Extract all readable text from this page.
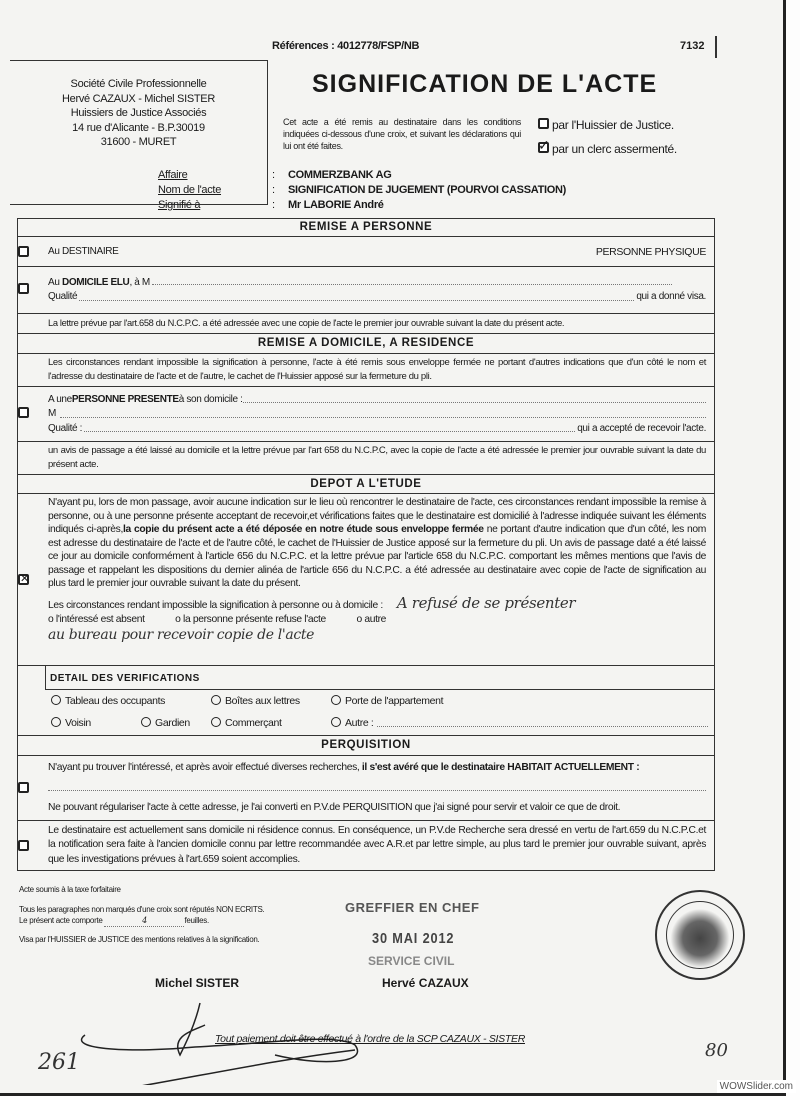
Références : 4012778/FSP/NB	7132
Société Civile Professionnelle
Hervé CAZAUX - Michel SISTER
Huissiers de Justice Associés
14 rue d'Alicante - B.P.30019
31600 - MURET
SIGNIFICATION DE L'ACTE
Cet acte a été remis au destinataire dans les conditions indiquées ci-dessous d'une croix, et suivant les déclarations qui lui ont été faites.
par l'Huissier de Justice.
✓ par un clerc assermenté.
Affaire	: COMMERZBANK AG
Nom de l'acte	: SIGNIFICATION DE JUGEMENT (POURVOI CASSATION)
Signifié à	: Mr LABORIE André
REMISE A PERSONNE
Au DESTINAIRE	PERSONNE PHYSIQUE
Au DOMICILE ELU, à M
Qualité	qui a donné visa.
La lettre prévue par l'art.658 du N.C.P.C. a été adressée avec une copie de l'acte le premier jour ouvrable suivant la date du présent acte.
REMISE A DOMICILE, A RESIDENCE
Les circonstances rendant impossible la signification à personne, l'acte à été remis sous enveloppe fermée ne portant d'autres indications que d'un côté le nom et l'adresse du destinataire de l'acte et de l'autre, le cachet de l'Huissier apposé sur la fermeture du pli.
A une PERSONNE PRESENTE à son domicile :
M
Qualité :	qui a accepté de recevoir l'acte.
un avis de passage a été laissé au domicile et la lettre prévue par l'art 658 du N.C.P.C, avec la copie de l'acte a été adressée le premier jour ouvrable suivant la date du présent acte.
DEPOT A L'ETUDE
✕
N'ayant pu, lors de mon passage, avoir aucune indication sur le lieu où rencontrer le destinataire de l'acte, ces circonstances rendant impossible la remise à personne, ou à une personne présente acceptant de recevoir,et vérifications faites que le destinataire est domicilié à l'adresse indiquée suivant les éléments indiqués ci-après,la copie du présent acte a été déposée en notre étude sous enveloppe fermée ne portant d'autre indication que d'un côté, les nom est adresse du destinataire de l'acte et de l'autre côté, le cachet de l'Huissier de Justice apposé sur la fermeture du pli. Un avis de passage daté a été laissé ce jour au domicile conformément à l'article 656 du N.C.P.C. et la lettre prévue par l'article 658 du N.C.P.C. comportant les mêmes mentions que l'avis de passage et rappelant les dispositions du dernier alinéa de l'article 656 du N.C.P.C. a été adressée au destinataire avec copie de l'acte de signification au plus tard le premier jour ouvrable suivant la date du présent.
Les circonstances rendant impossible la signification à personne ou à domicile : A refusé de se présenter
o l'intéressé est absent	o la personne présente refuse l'acte	o autre
au bureau pour recevoir copie de l'acte
DETAIL DES VERIFICATIONS
Tableau des occupants	Boîtes aux lettres	Porte de l'appartement
Voisin	Gardien	Commerçant	Autre :
PERQUISITION
N'ayant pu trouver l'intéressé, et après avoir effectué diverses recherches, il s'est avéré que le destinataire HABITAIT ACTUELLEMENT :
Ne pouvant régulariser l'acte à cette adresse, je l'ai converti en P.V.de PERQUISITION que j'ai signé pour servir et valoir ce que de droit.
Le destinataire est actuellement sans domicile ni résidence connus. En conséquence, un P.V.de Recherche sera dressé en vertu de l'art.659 du N.C.P.C.et la notification sera faite à l'ancien domicile connu par lettre recommandée avec A.R.et par lettre simple, au plus tard le premier jour ouvrable suivant, après que les investigations prévues à l'art.659 soient accomplies.
Acte soumis à la taxe forfaitaire
Tous les paragraphes non marqués d'une croix sont réputés NON ECRITS.
Le présent acte comporte	4	feuilles.
Visa par l'HUISSIER de JUSTICE des mentions relatives à la signification.
GREFFIER EN CHEF
30 MAI 2012
SERVICE CIVIL
Michel SISTER	Hervé CAZAUX
Tout paiement doit être effectué à l'ordre de la SCP CAZAUX - SISTER
261	80
WOWSlider.com
